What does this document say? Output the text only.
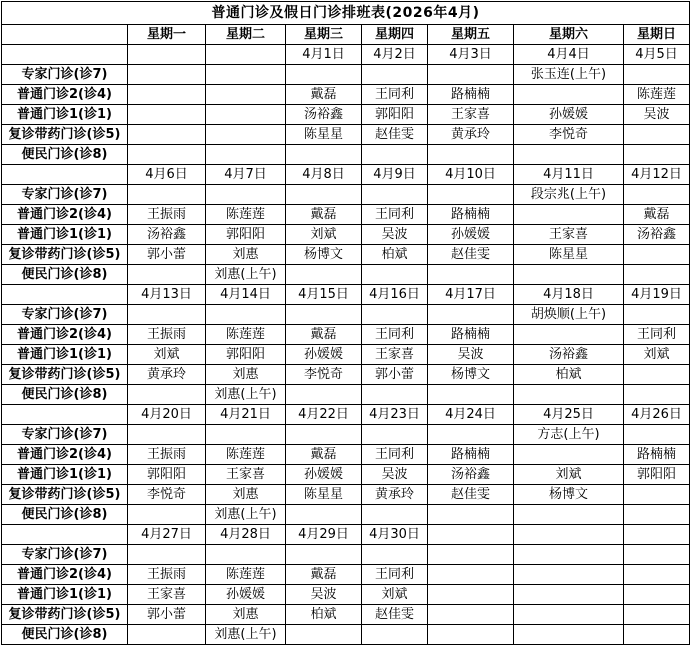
普通门诊及假日门诊排班表(2026年4月)							
	星期一	星期二	星期三	星期四	星期五	星期六	星期日
			4月1日	4月2日	4月3日	4月4日	4月5日
专家门诊(诊7)						张玉连(上午)	
普通门诊2(诊4)			戴磊	王同利	路楠楠		陈莲莲
普通门诊1(诊1)			汤裕鑫	郭阳阳	王家喜	孙媛媛	吴波
复诊带药门诊(诊5)			陈星星	赵佳雯	黄承玲	李悦奇	
便民门诊(诊8)							
	4月6日	4月7日	4月8日	4月9日	4月10日	4月11日	4月12日
专家门诊(诊7)						段宗兆(上午)	
普通门诊2(诊4)	王振雨	陈莲莲	戴磊	王同利	路楠楠		戴磊
普通门诊1(诊1)	汤裕鑫	郭阳阳	刘斌	吴波	孙媛媛	王家喜	汤裕鑫
复诊带药门诊(诊5)	郭小蕾	刘惠	杨博文	柏斌	赵佳雯	陈星星	
便民门诊(诊8)		刘惠(上午)					
	4月13日	4月14日	4月15日	4月16日	4月17日	4月18日	4月19日
专家门诊(诊7)						胡焕顺(上午)	
普通门诊2(诊4)	王振雨	陈莲莲	戴磊	王同利	路楠楠		王同利
普通门诊1(诊1)	刘斌	郭阳阳	孙媛媛	王家喜	吴波	汤裕鑫	刘斌
复诊带药门诊(诊5)	黄承玲	刘惠	李悦奇	郭小蕾	杨博文	柏斌	
便民门诊(诊8)		刘惠(上午)					
	4月20日	4月21日	4月22日	4月23日	4月24日	4月25日	4月26日
专家门诊(诊7)						方志(上午)	
普通门诊2(诊4)	王振雨	陈莲莲	戴磊	王同利	路楠楠		路楠楠
普通门诊1(诊1)	郭阳阳	王家喜	孙媛媛	吴波	汤裕鑫	刘斌	郭阳阳
复诊带药门诊(诊5)	李悦奇	刘惠	陈星星	黄承玲	赵佳雯	杨博文	
便民门诊(诊8)		刘惠(上午)					
	4月27日	4月28日	4月29日	4月30日			
专家门诊(诊7)							
普通门诊2(诊4)	王振雨	陈莲莲	戴磊	王同利			
普通门诊1(诊1)	王家喜	孙媛媛	吴波	刘斌			
复诊带药门诊(诊5)	郭小蕾	刘惠	柏斌	赵佳雯			
便民门诊(诊8)		刘惠(上午)					
